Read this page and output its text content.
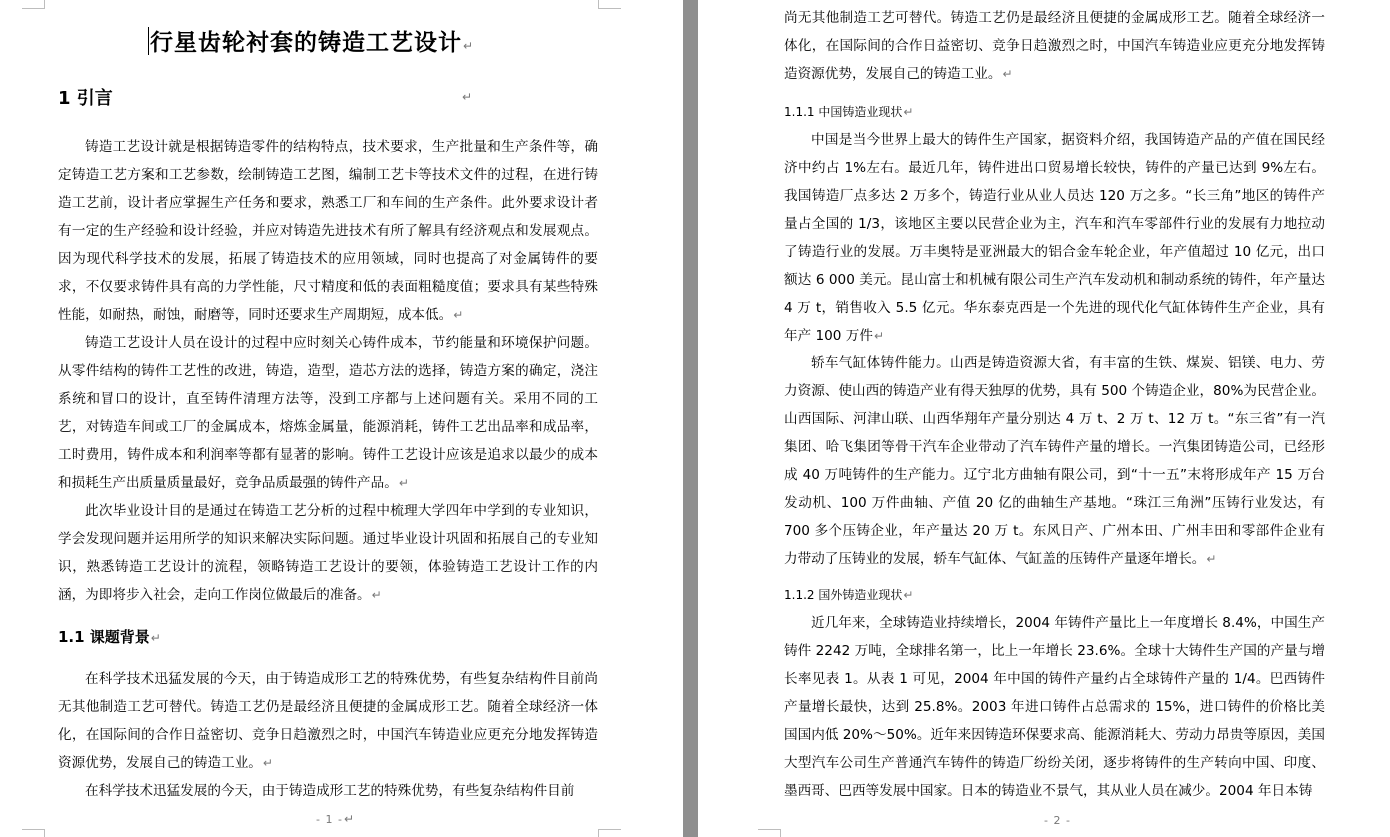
行星齿轮衬套的铸造工艺设计↵
1 引言	↵

铸造工艺设计就是根据铸造零件的结构特点，技术要求，生产批量和生产条件等，确定铸造工艺方案和工艺参数，绘制铸造工艺图，编制工艺卡等技术文件的过程，在进行铸造工艺前，设计者应掌握生产任务和要求，熟悉工厂和车间的生产条件。此外要求设计者有一定的生产经验和设计经验，并应对铸造先进技术有所了解具有经济观点和发展观点。因为现代科学技术的发展，拓展了铸造技术的应用领域，同时也提高了对金属铸件的要求，不仅要求铸件具有高的力学性能，尺寸精度和低的表面粗糙度值；要求具有某些特殊性能，如耐热，耐蚀，耐磨等，同时还要求生产周期短，成本低。↵

铸造工艺设计人员在设计的过程中应时刻关心铸件成本，节约能量和环境保护问题。从零件结构的铸件工艺性的改进，铸造，造型，造芯方法的选择，铸造方案的确定，浇注系统和冒口的设计，直至铸件清理方法等，没到工序都与上述问题有关。采用不同的工艺，对铸造车间或工厂的金属成本，熔炼金属量，能源消耗，铸件工艺出品率和成品率，工时费用，铸件成本和利润率等都有显著的影响。铸件工艺设计应该是追求以最少的成本和损耗生产出质量质量最好，竞争品质最强的铸件产品。↵

此次毕业设计目的是通过在铸造工艺分析的过程中梳理大学四年中学到的专业知识，学会发现问题并运用所学的知识来解决实际问题。通过毕业设计巩固和拓展自己的专业知识，熟悉铸造工艺设计的流程，领略铸造工艺设计的要领，体验铸造工艺设计工作的内涵，为即将步入社会，走向工作岗位做最后的准备。↵

1.1 课题背景↵

在科学技术迅猛发展的今天，由于铸造成形工艺的特殊优势，有些复杂结构件目前尚无其他制造工艺可替代。铸造工艺仍是最经济且便捷的金属成形工艺。随着全球经济一体化，在国际间的合作日益密切、竞争日趋激烈之时，中国汽车铸造业应更充分地发挥铸造资源优势，发展自己的铸造工业。↵

在科学技术迅猛发展的今天，由于铸造成形工艺的特殊优势，有些复杂结构件目前

- 1 -↵

尚无其他制造工艺可替代。铸造工艺仍是最经济且便捷的金属成形工艺。随着全球经济一体化，在国际间的合作日益密切、竞争日趋激烈之时，中国汽车铸造业应更充分地发挥铸造资源优势，发展自己的铸造工业。↵

1.1.1 中国铸造业现状↵

中国是当今世界上最大的铸件生产国家，据资料介绍，我国铸造产品的产值在国民经济中约占 1%左右。最近几年，铸件进出口贸易增长较快，铸件的产量已达到 9%左右。我国铸造厂点多达 2 万多个，铸造行业从业人员达 120 万之多。“长三角”地区的铸件产量占全国的 1/3，该地区主要以民营企业为主，汽车和汽车零部件行业的发展有力地拉动了铸造行业的发展。万丰奥特是亚洲最大的铝合金车轮企业，年产值超过 10 亿元，出口额达 6 000 美元。昆山富士和机械有限公司生产汽车发动机和制动系统的铸件，年产量达 4 万 t，销售收入 5.5 亿元。华东泰克西是一个先进的现代化气缸体铸件生产企业，具有年产 100 万件↵

轿车气缸体铸件能力。山西是铸造资源大省，有丰富的生铁、煤炭、铝镁、电力、劳力资源、使山西的铸造产业有得天独厚的优势，具有 500 个铸造企业，80%为民营企业。山西国际、河津山联、山西华翔年产量分别达 4 万 t、2 万 t、12 万 t。“东三省”有一汽集团、哈飞集团等骨干汽车企业带动了汽车铸件产量的增长。一汽集团铸造公司，已经形成 40 万吨铸件的生产能力。辽宁北方曲轴有限公司，到“十一五”末将形成年产 15 万台发动机、100 万件曲轴、产值 20 亿的曲轴生产基地。“珠江三角洲”压铸行业发达，有 700 多个压铸企业，年产量达 20 万 t。东风日产、广州本田、广州丰田和零部件企业有力带动了压铸业的发展，轿车气缸体、气缸盖的压铸件产量逐年增长。↵

1.1.2 国外铸造业现状↵

近几年来，全球铸造业持续增长，2004 年铸件产量比上一年度增长 8.4%，中国生产铸件 2242 万吨，全球排名第一，比上一年增长 23.6%。全球十大铸件生产国的产量与增长率见表 1。从表 1 可见，2004 年中国的铸件产量约占全球铸件产量的 1/4。巴西铸件产量增长最快，达到 25.8%。2003 年进口铸件占总需求的 15%，进口铸件的价格比美国国内低 20%～50%。近年来因铸造环保要求高、能源消耗大、劳动力昂贵等原因，美国大型汽车公司生产普通汽车铸件的铸造厂纷纷关闭，逐步将铸件的生产转向中国、印度、墨西哥、巴西等发展中国家。日本的铸造业不景气，其从业人员在减少。2004 年日本铸

- 2 -
